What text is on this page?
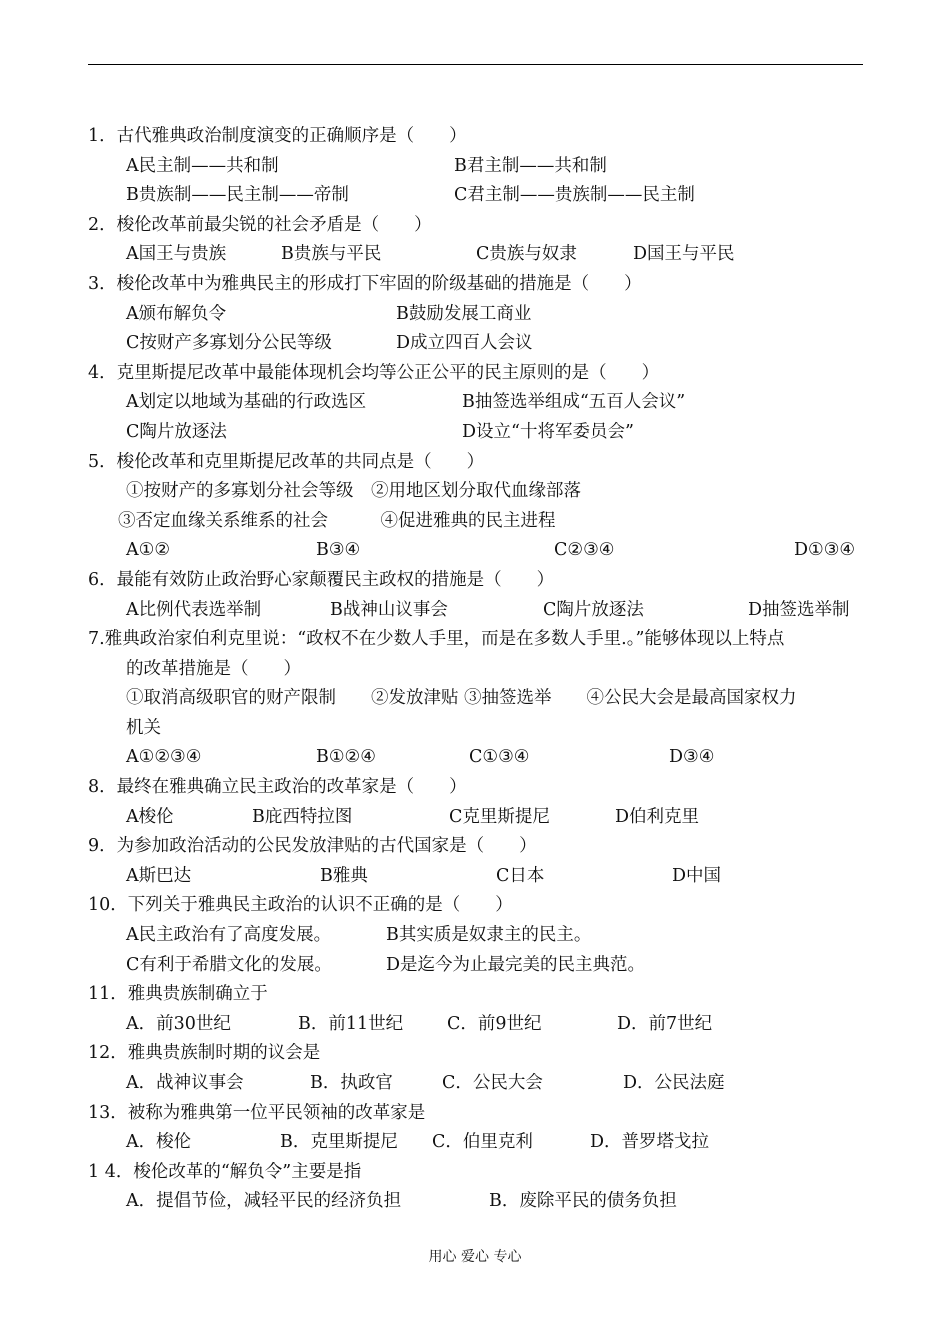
1．古代雅典政治制度演变的正确顺序是（　　）
A民主制——共和制	B君主制——共和制
B贵族制——民主制——帝制	C君主制——贵族制——民主制
2．梭伦改革前最尖锐的社会矛盾是（　　）
A国王与贵族	B贵族与平民	C贵族与奴隶	D国王与平民
3．梭伦改革中为雅典民主的形成打下牢固的阶级基础的措施是（　　）
A颁布解负令	B鼓励发展工商业
C按财产多寡划分公民等级	D成立四百人会议
4．克里斯提尼改革中最能体现机会均等公正公平的民主原则的是（　　）
A划定以地域为基础的行政选区	B抽签选举组成“五百人会议”
C陶片放逐法	D设立“十将军委员会”
5．梭伦改革和克里斯提尼改革的共同点是（　　）
①按财产的多寡划分社会等级　②用地区划分取代血缘部落
③否定血缘关系维系的社会　　　④促进雅典的民主进程
A①②	B③④	C②③④	D①③④
6．最能有效防止政治野心家颠覆民主政权的措施是（　　）
A比例代表选举制	B战神山议事会	C陶片放逐法	D抽签选举制
7.雅典政治家伯利克里说：“政权不在少数人手里，而是在多数人手里.。”能够体现以上特点
的改革措施是（　　）
①取消高级职官的财产限制　　②发放津贴 ③抽签选举　　④公民大会是最高国家权力
机关
A①②③④	B①②④	C①③④	D③④
8．最终在雅典确立民主政治的改革家是（　　）
A梭伦	B庇西特拉图	C克里斯提尼	D伯利克里
9．为参加政治活动的公民发放津贴的古代国家是（　　）
A斯巴达	B雅典	C日本	D中国
10．下列关于雅典民主政治的认识不正确的是（　　）
A民主政治有了高度发展。	B其实质是奴隶主的民主。
C有利于希腊文化的发展。	D是迄今为止最完美的民主典范。
11．雅典贵族制确立于
A．前30世纪	B．前11世纪	C．前9世纪	D．前7世纪
12．雅典贵族制时期的议会是
A．战神议事会	B．执政官	C．公民大会	D．公民法庭
13．被称为雅典第一位平民领袖的改革家是
A．梭伦	B．克里斯提尼 C．伯里克利	D．普罗塔戈拉
1 4．梭伦改革的“解负令”主要是指
A．提倡节俭，减轻平民的经济负担	B．废除平民的债务负担
用心 爱心 专心
